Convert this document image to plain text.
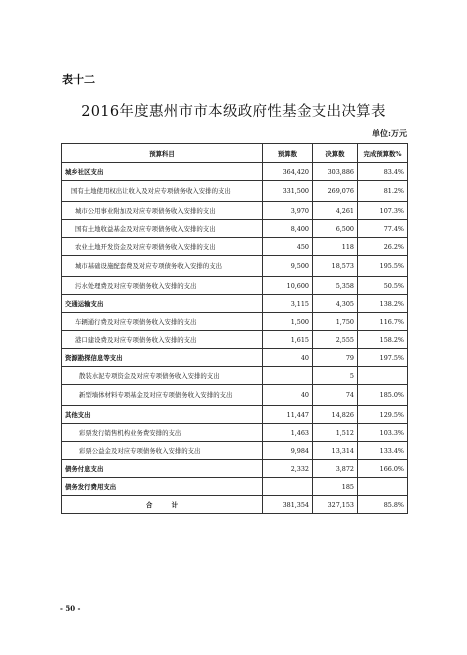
表十二
2016年度惠州市市本级政府性基金支出决算表
单位:万元
预算科目	预算数	决算数	完成预算数%
城乡社区支出	364,420	303,886	83.4%
国有土地使用权出让收入及对应专项债务收入安排的支出	331,500	269,076	81.2%
城市公用事业附加及对应专项债务收入安排的支出	3,970	4,261	107.3%
国有土地收益基金及对应专项债务收入安排的支出	8,400	6,500	77.4%
农业土地开发资金及对应专项债务收入安排的支出	450	118	26.2%
城市基础设施配套费及对应专项债务收入安排的支出	9,500	18,573	195.5%
污水处理费及对应专项债务收入安排的支出	10,600	5,358	50.5%
交通运输支出	3,115	4,305	138.2%
车辆通行费及对应专项债务收入安排的支出	1,500	1,750	116.7%
港口建设费及对应专项债务收入安排的支出	1,615	2,555	158.2%
资源勘探信息等支出	40	79	197.5%
散装水泥专项资金及对应专项债务收入安排的支出		5	
新型墙体材料专项基金及对应专项债务收入安排的支出	40	74	185.0%
其他支出	11,447	14,826	129.5%
彩票发行销售机构业务费安排的支出	1,463	1,512	103.3%
彩票公益金及对应专项债务收入安排的支出	9,984	13,314	133.4%
债务付息支出	2,332	3,872	166.0%
债务发行费用支出		185	
合　　　计	381,354	327,153	85.8%
- 50 -
